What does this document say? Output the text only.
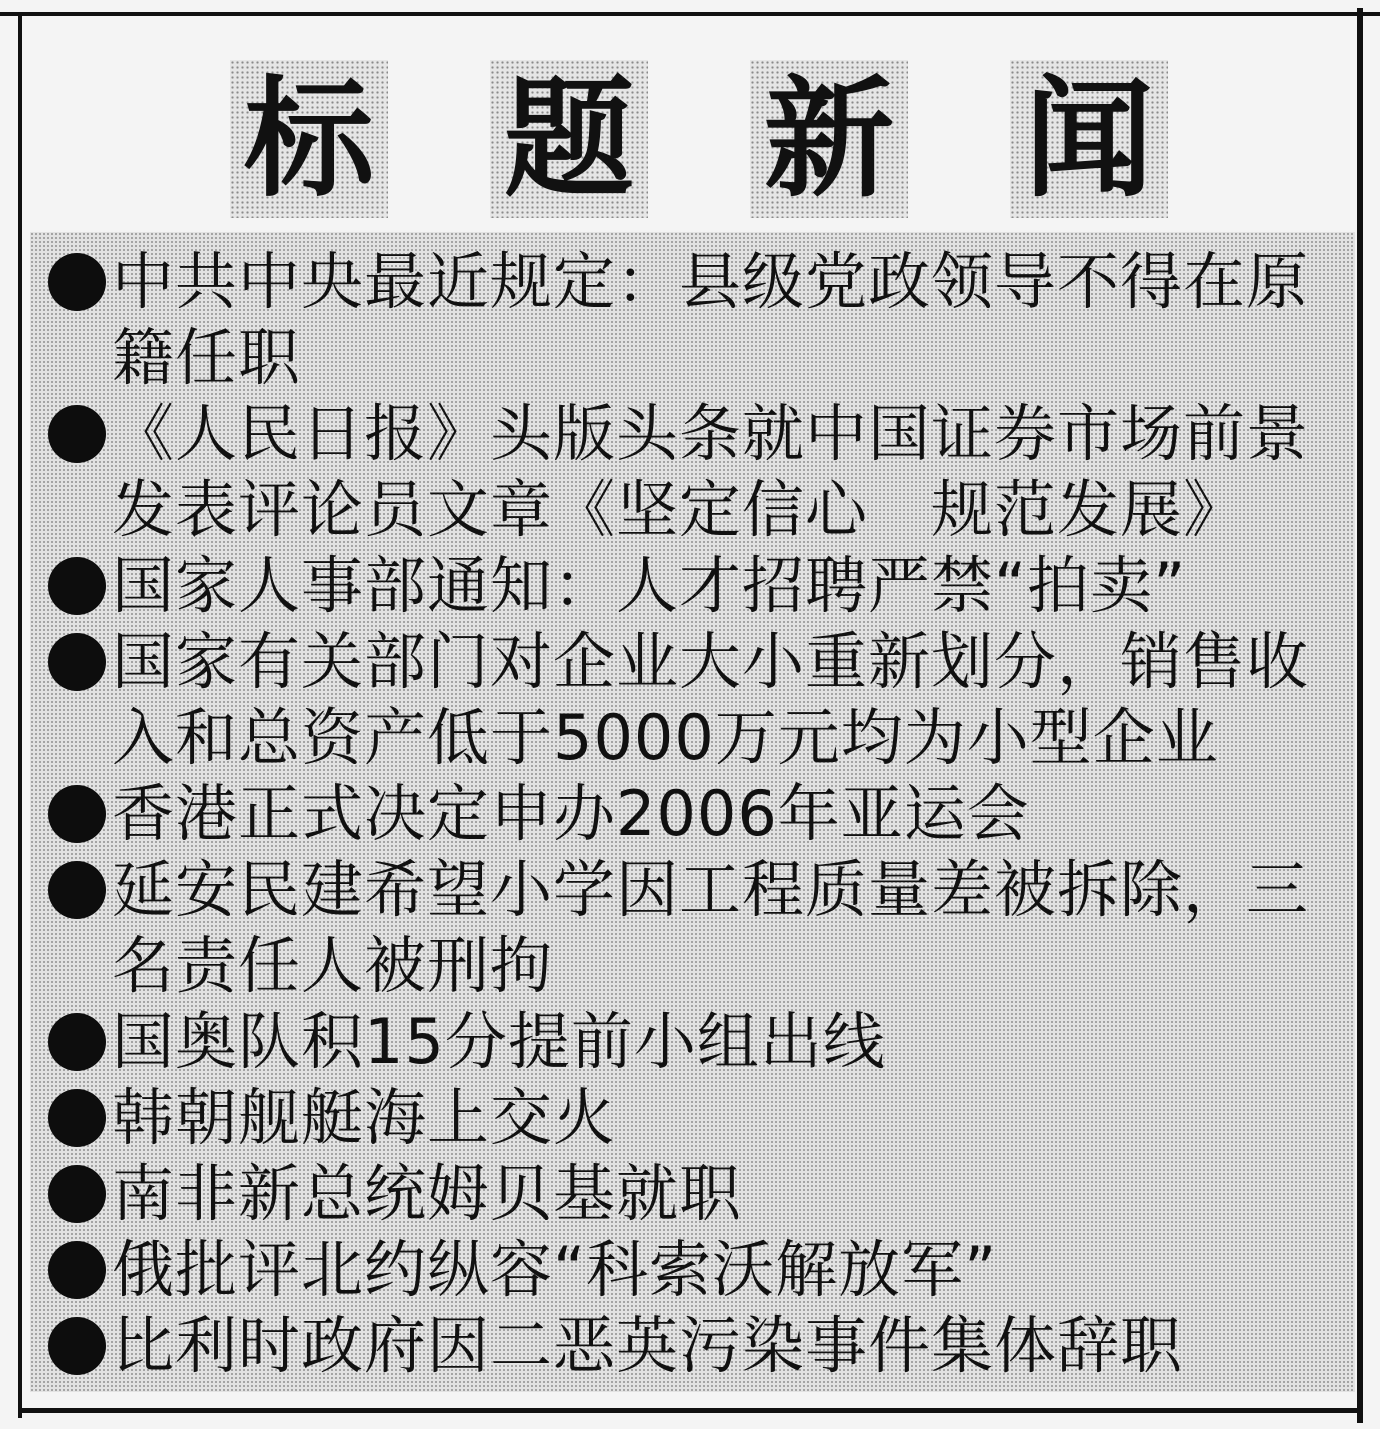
标 题 新 闻
中共中央最近规定：县级党政领导不得在原籍任职
《人民日报》头版头条就中国证券市场前景发表评论员文章《坚定信心　规范发展》
国家人事部通知：人才招聘严禁“拍卖”
国家有关部门对企业大小重新划分，销售收入和总资产低于5000万元均为小型企业
香港正式决定申办2006年亚运会
延安民建希望小学因工程质量差被拆除，三名责任人被刑拘
国奥队积15分提前小组出线
韩朝舰艇海上交火
南非新总统姆贝基就职
俄批评北约纵容“科索沃解放军”
比利时政府因二恶英污染事件集体辞职
